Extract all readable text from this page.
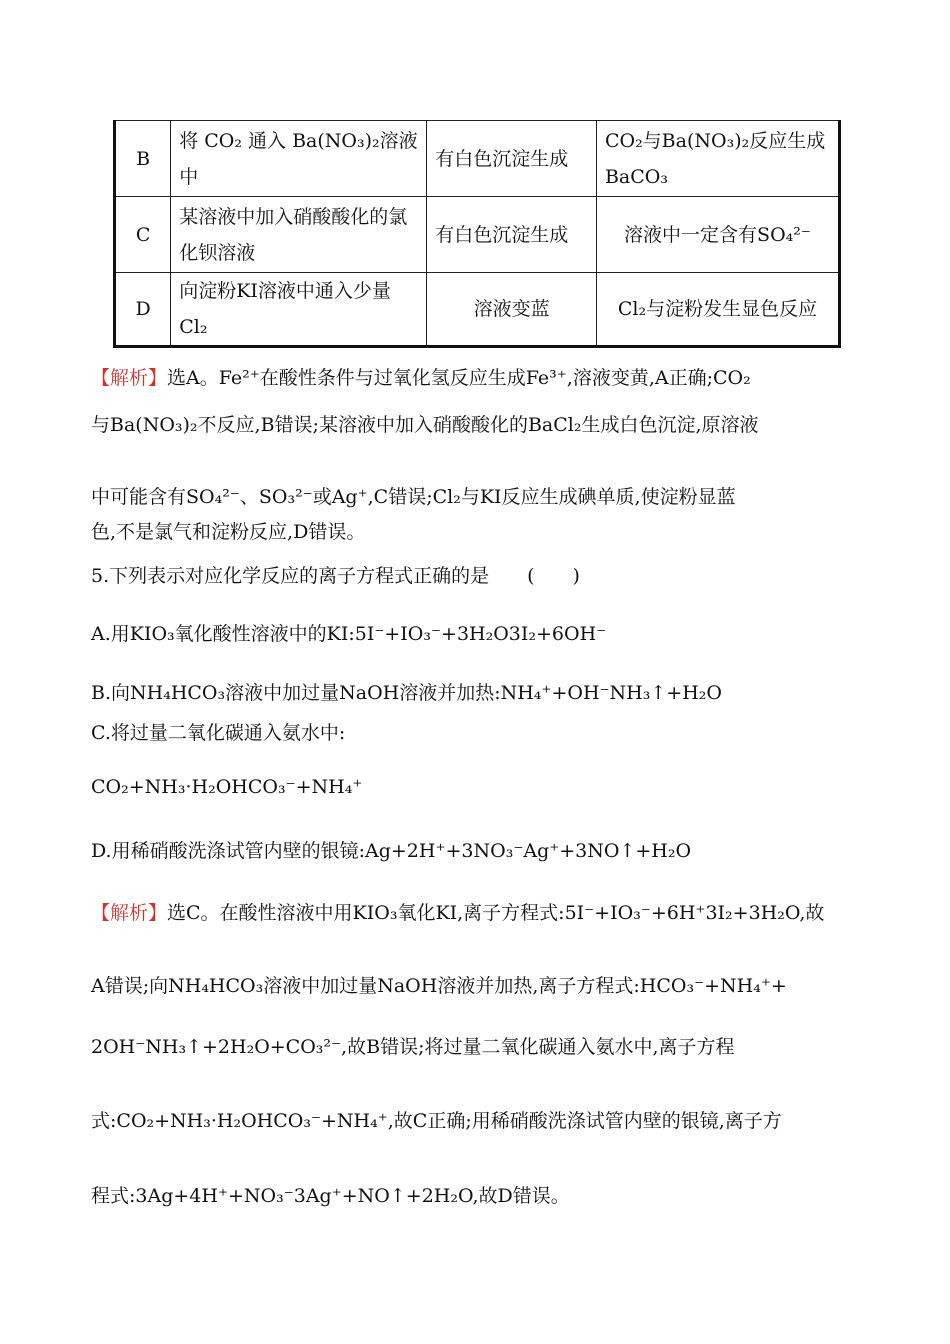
B	将 CO₂ 通入 Ba(NO₃)₂溶液中	有白色沉淀生成	CO₂与Ba(NO₃)₂反应生成BaCO₃
C	某溶液中加入硝酸酸化的氯化钡溶液	有白色沉淀生成	溶液中一定含有SO₄²⁻
D	向淀粉KI溶液中通入少量Cl₂	溶液变蓝	Cl₂与淀粉发生显色反应
【解析】选A。Fe²⁺在酸性条件与过氧化氢反应生成Fe³⁺,溶液变黄,A正确;CO₂
与Ba(NO₃)₂不反应,B错误;某溶液中加入硝酸酸化的BaCl₂生成白色沉淀,原溶液
中可能含有SO₄²⁻、SO₃²⁻或Ag⁺,C错误;Cl₂与KI反应生成碘单质,使淀粉显蓝
色,不是氯气和淀粉反应,D错误。
5.下列表示对应化学反应的离子方程式正确的是　　(　　)
A.用KIO₃氧化酸性溶液中的KI:5I⁻+IO₃⁻+3H₂O3I₂+6OH⁻
B.向NH₄HCO₃溶液中加过量NaOH溶液并加热:NH₄⁺+OH⁻NH₃↑+H₂O
C.将过量二氧化碳通入氨水中:
CO₂+NH₃·H₂OHCO₃⁻+NH₄⁺
D.用稀硝酸洗涤试管内壁的银镜:Ag+2H⁺+3NO₃⁻Ag⁺+3NO↑+H₂O
【解析】选C。在酸性溶液中用KIO₃氧化KI,离子方程式:5I⁻+IO₃⁻+6H⁺3I₂+3H₂O,故
A错误;向NH₄HCO₃溶液中加过量NaOH溶液并加热,离子方程式:HCO₃⁻+NH₄⁺+
2OH⁻NH₃↑+2H₂O+CO₃²⁻,故B错误;将过量二氧化碳通入氨水中,离子方程
式:CO₂+NH₃·H₂OHCO₃⁻+NH₄⁺,故C正确;用稀硝酸洗涤试管内壁的银镜,离子方
程式:3Ag+4H⁺+NO₃⁻3Ag⁺+NO↑+2H₂O,故D错误。
